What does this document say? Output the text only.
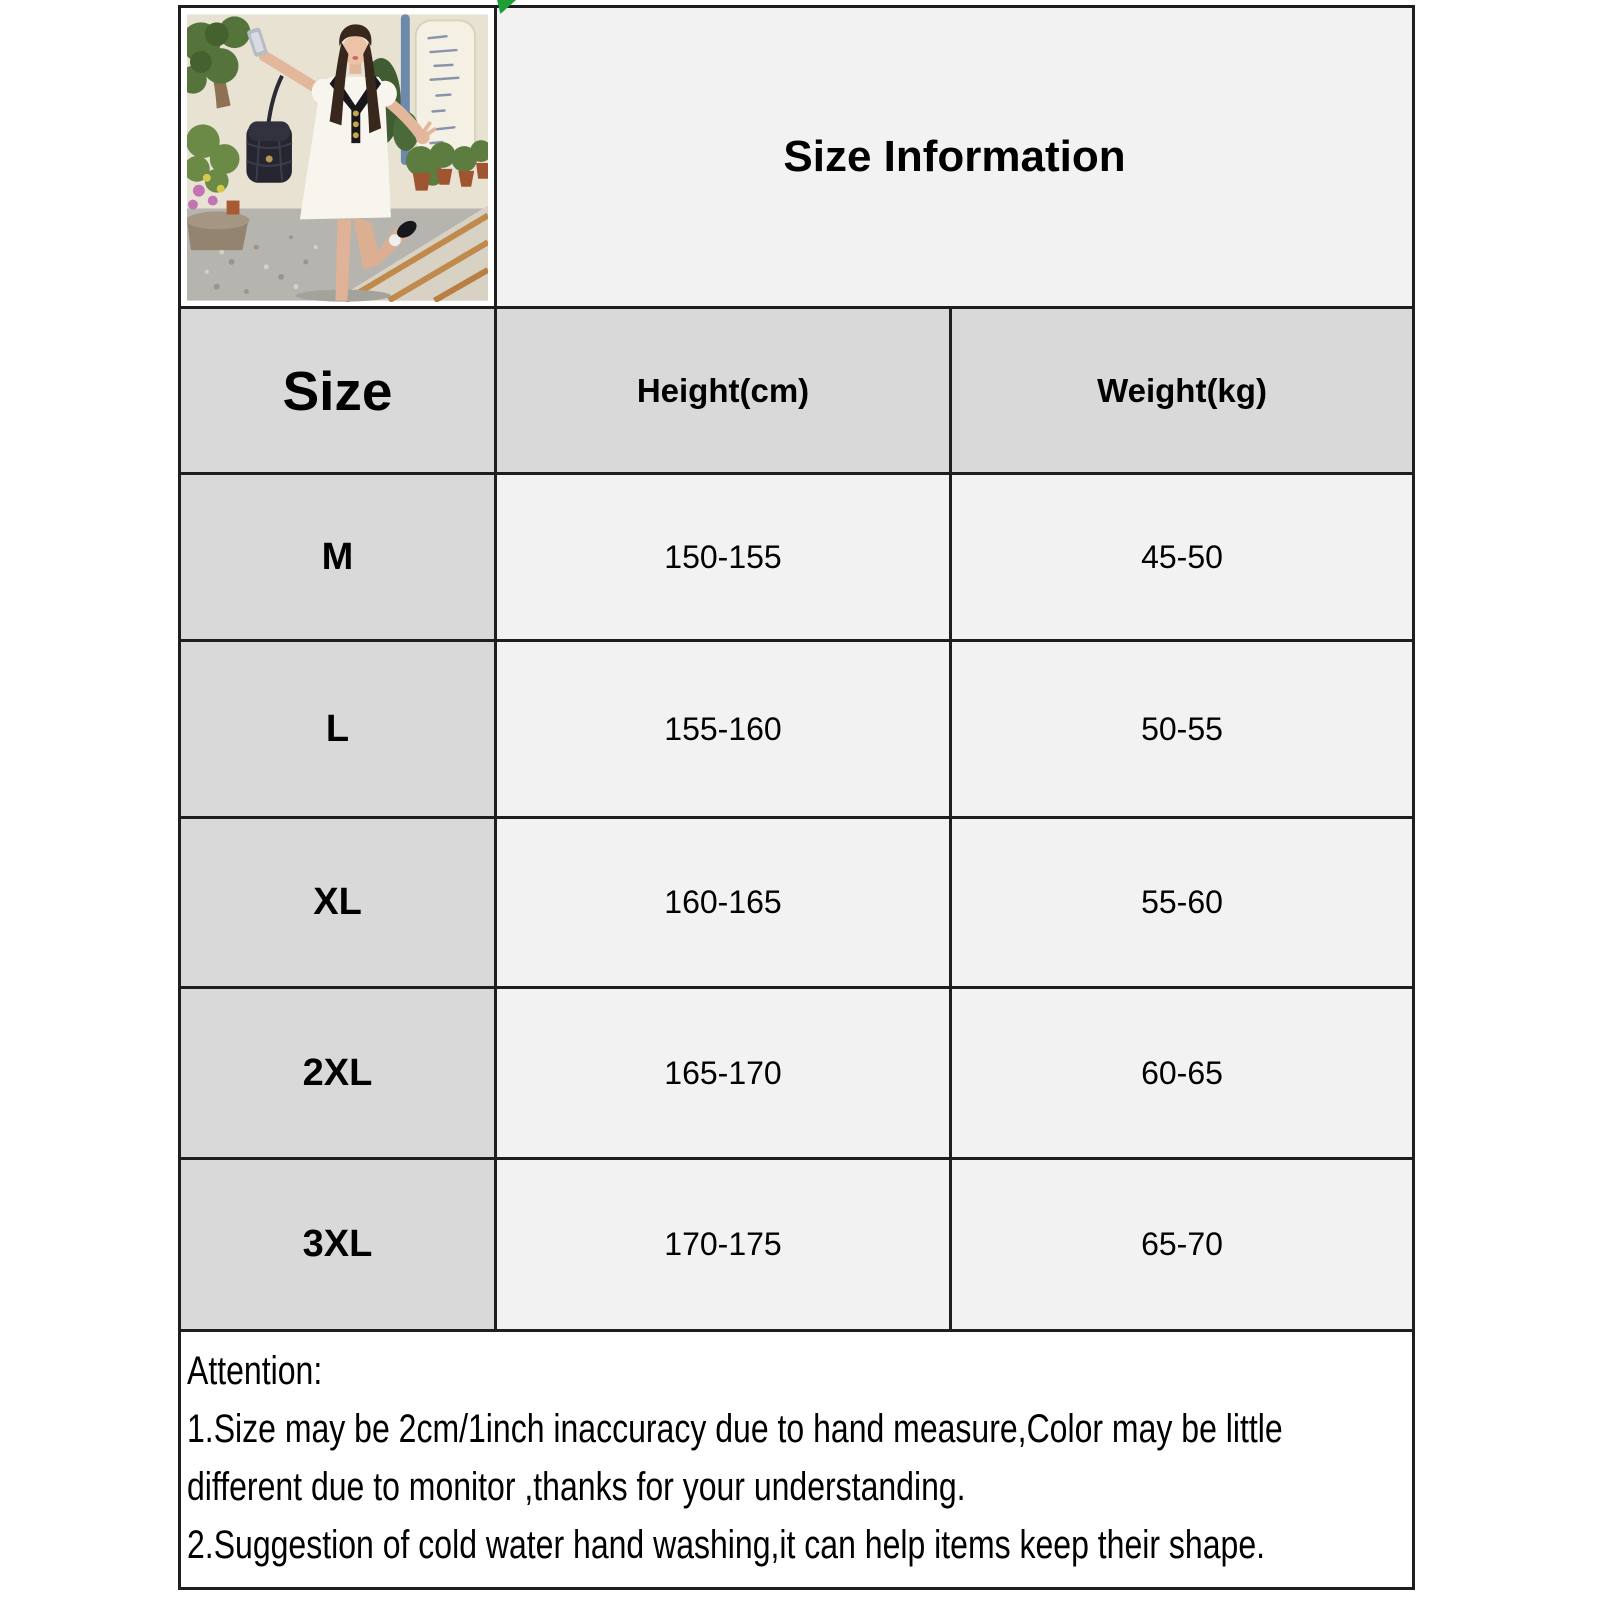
Size Information
Size	Height(cm)	Weight(kg)
M	150-155	45-50
L	155-160	50-55
XL	160-165	55-60
2XL	165-170	60-65
3XL	170-175	65-70
Attention:
1.Size may be 2cm/1inch inaccuracy due to hand measure,Color may be little
different due to monitor ,thanks for your understanding.
2.Suggestion of cold water hand washing,it can help items keep their shape.
